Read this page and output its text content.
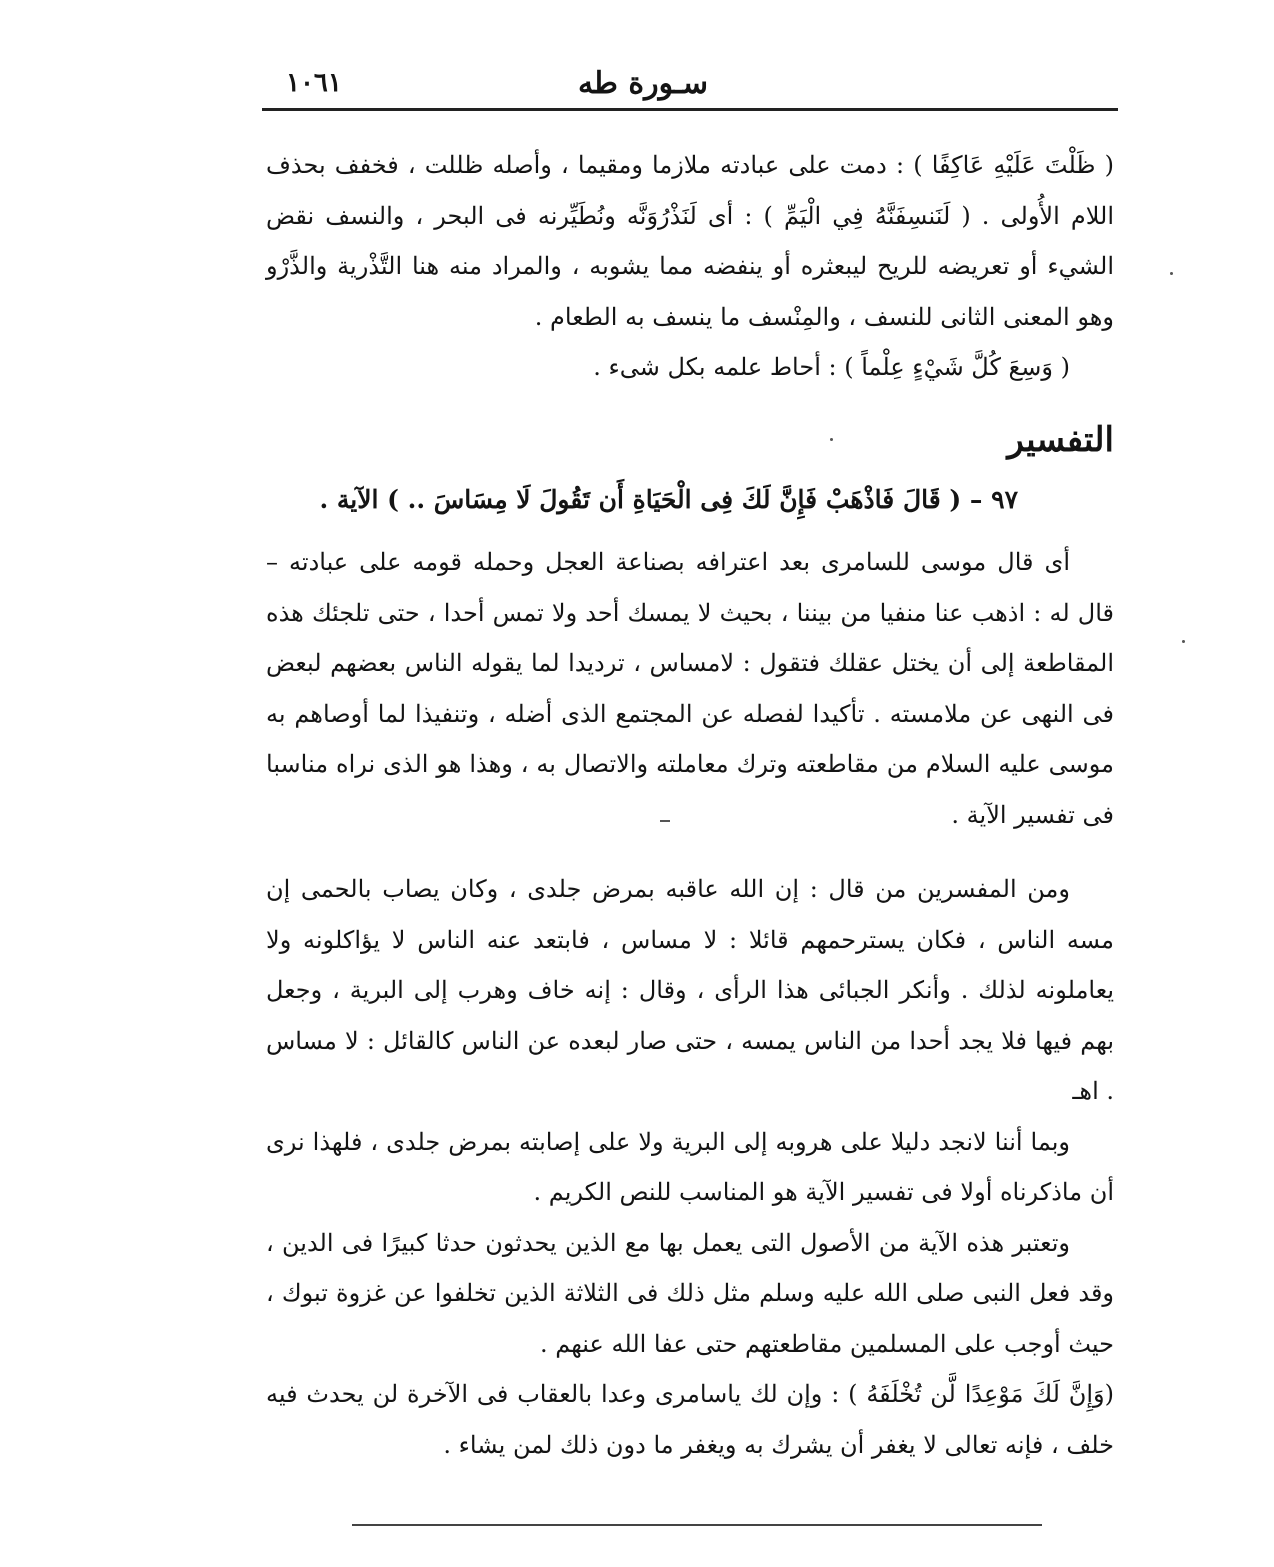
سـورة طه
١٠٦١

( ظَلْتَ عَلَيْهِ عَاكِفًا ) : دمت على عبادته ملازما ومقيما ، وأصله ظللت ، فخفف بحذف اللام الأُولى . ( لَنَنسِفَنَّهُ فِي الْيَمِّ ) : أى لَنَذْرُوَنَّه ونُطَيِّرنه فى البحر ، والنسف نقض الشيء أو تعريضه للريح ليبعثره أو ينفضه مما يشوبه ، والمراد منه هنا التَّذْرية والذَّرْو وهو المعنى الثانى للنسف ، والمِنْسف ما ينسف به الطعام .

( وَسِعَ كُلَّ شَيْءٍ عِلْماً ) : أحاط علمه بكل شىء .

التفسير

٩٧ – ( قَالَ فَاذْهَبْ فَإِنَّ لَكَ فِى الْحَيَاةِ أَن تَقُولَ لَا مِسَاسَ .. ) الآية .

أى قال موسى للسامرى بعد اعترافه بصناعة العجل وحمله قومه على عبادته – قال له : اذهب عنا منفيا من بيننا ، بحيث لا يمسك أحد ولا تمس أحدا ، حتى تلجئك هذه المقاطعة إلى أن يختل عقلك فتقول : لامساس ، ترديدا لما يقوله الناس بعضهم لبعض فى النهى عن ملامسته . تأكيدا لفصله عن المجتمع الذى أضله ، وتنفيذا لما أوصاهم به موسى عليه السلام من مقاطعته وترك معاملته والاتصال به ، وهذا هو الذى نراه مناسبا فى تفسير الآية .

ومن المفسرين من قال : إن الله عاقبه بمرض جلدى ، وكان يصاب بالحمى إن مسه الناس ، فكان يسترحمهم قائلا : لا مساس ، فابتعد عنه الناس لا يؤاكلونه ولا يعاملونه لذلك . وأنكر الجبائى هذا الرأى ، وقال : إنه خاف وهرب إلى البرية ، وجعل بهم فيها فلا يجد أحدا من الناس يمسه ، حتى صار لبعده عن الناس كالقائل : لا مساس . اهـ

وبما أننا لانجد دليلا على هروبه إلى البرية ولا على إصابته بمرض جلدى ، فلهذا نرى أن ماذكرناه أولا فى تفسير الآية هو المناسب للنص الكريم .

وتعتبر هذه الآية من الأصول التى يعمل بها مع الذين يحدثون حدثا كبيرًا فى الدين ، وقد فعل النبى صلى الله عليه وسلم مثل ذلك فى الثلاثة الذين تخلفوا عن غزوة تبوك ، حيث أوجب على المسلمين مقاطعتهم حتى عفا الله عنهم .

(وَإِنَّ لَكَ مَوْعِدًا لَّن تُخْلَفَهُ ) : وإن لك ياسامرى وعدا بالعقاب فى الآخرة لن يحدث فيه خلف ، فإنه تعالى لا يغفر أن يشرك به ويغفر ما دون ذلك لمن يشاء .
